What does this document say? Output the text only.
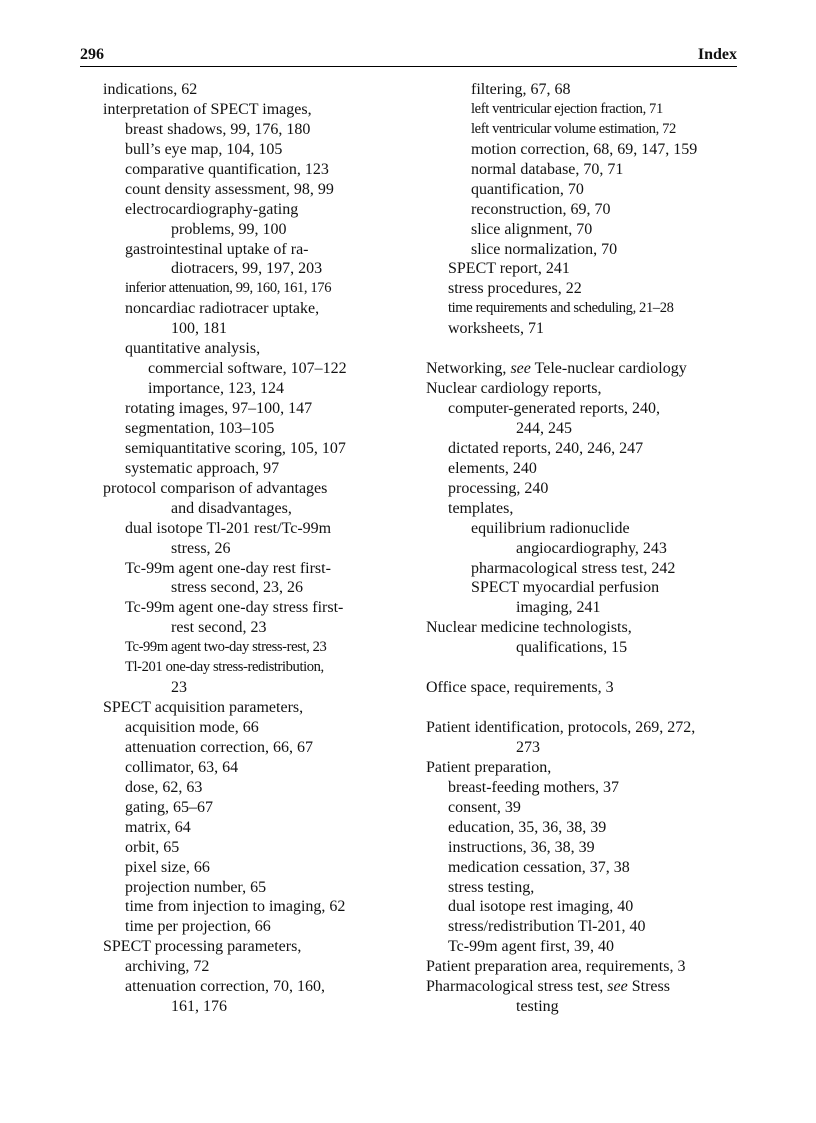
296	Index
indications, 62
interpretation of SPECT images,
breast shadows, 99, 176, 180
bull’s eye map, 104, 105
comparative quantification, 123
count density assessment, 98, 99
electrocardiography-gating
problems, 99, 100
gastrointestinal uptake of ra-
diotracers, 99, 197, 203
inferior attenuation, 99, 160, 161, 176
noncardiac radiotracer uptake,
100, 181
quantitative analysis,
commercial software, 107–122
importance, 123, 124
rotating images, 97–100, 147
segmentation, 103–105
semiquantitative scoring, 105, 107
systematic approach, 97
protocol comparison of advantages
and disadvantages,
dual isotope Tl-201 rest/Tc-99m
stress, 26
Tc-99m agent one-day rest first-
stress second, 23, 26
Tc-99m agent one-day stress first-
rest second, 23
Tc-99m agent two-day stress-rest, 23
Tl-201 one-day stress-redistribution,
23
SPECT acquisition parameters,
acquisition mode, 66
attenuation correction, 66, 67
collimator, 63, 64
dose, 62, 63
gating, 65–67
matrix, 64
orbit, 65
pixel size, 66
projection number, 65
time from injection to imaging, 62
time per projection, 66
SPECT processing parameters,
archiving, 72
attenuation correction, 70, 160,
161, 176
filtering, 67, 68
left ventricular ejection fraction, 71
left ventricular volume estimation, 72
motion correction, 68, 69, 147, 159
normal database, 70, 71
quantification, 70
reconstruction, 69, 70
slice alignment, 70
slice normalization, 70
SPECT report, 241
stress procedures, 22
time requirements and scheduling, 21–28
worksheets, 71
Networking, see Tele-nuclear cardiology
Nuclear cardiology reports,
computer-generated reports, 240,
244, 245
dictated reports, 240, 246, 247
elements, 240
processing, 240
templates,
equilibrium radionuclide
angiocardiography, 243
pharmacological stress test, 242
SPECT myocardial perfusion
imaging, 241
Nuclear medicine technologists,
qualifications, 15
Office space, requirements, 3
Patient identification, protocols, 269, 272,
273
Patient preparation,
breast-feeding mothers, 37
consent, 39
education, 35, 36, 38, 39
instructions, 36, 38, 39
medication cessation, 37, 38
stress testing,
dual isotope rest imaging, 40
stress/redistribution Tl-201, 40
Tc-99m agent first, 39, 40
Patient preparation area, requirements, 3
Pharmacological stress test, see Stress
testing
